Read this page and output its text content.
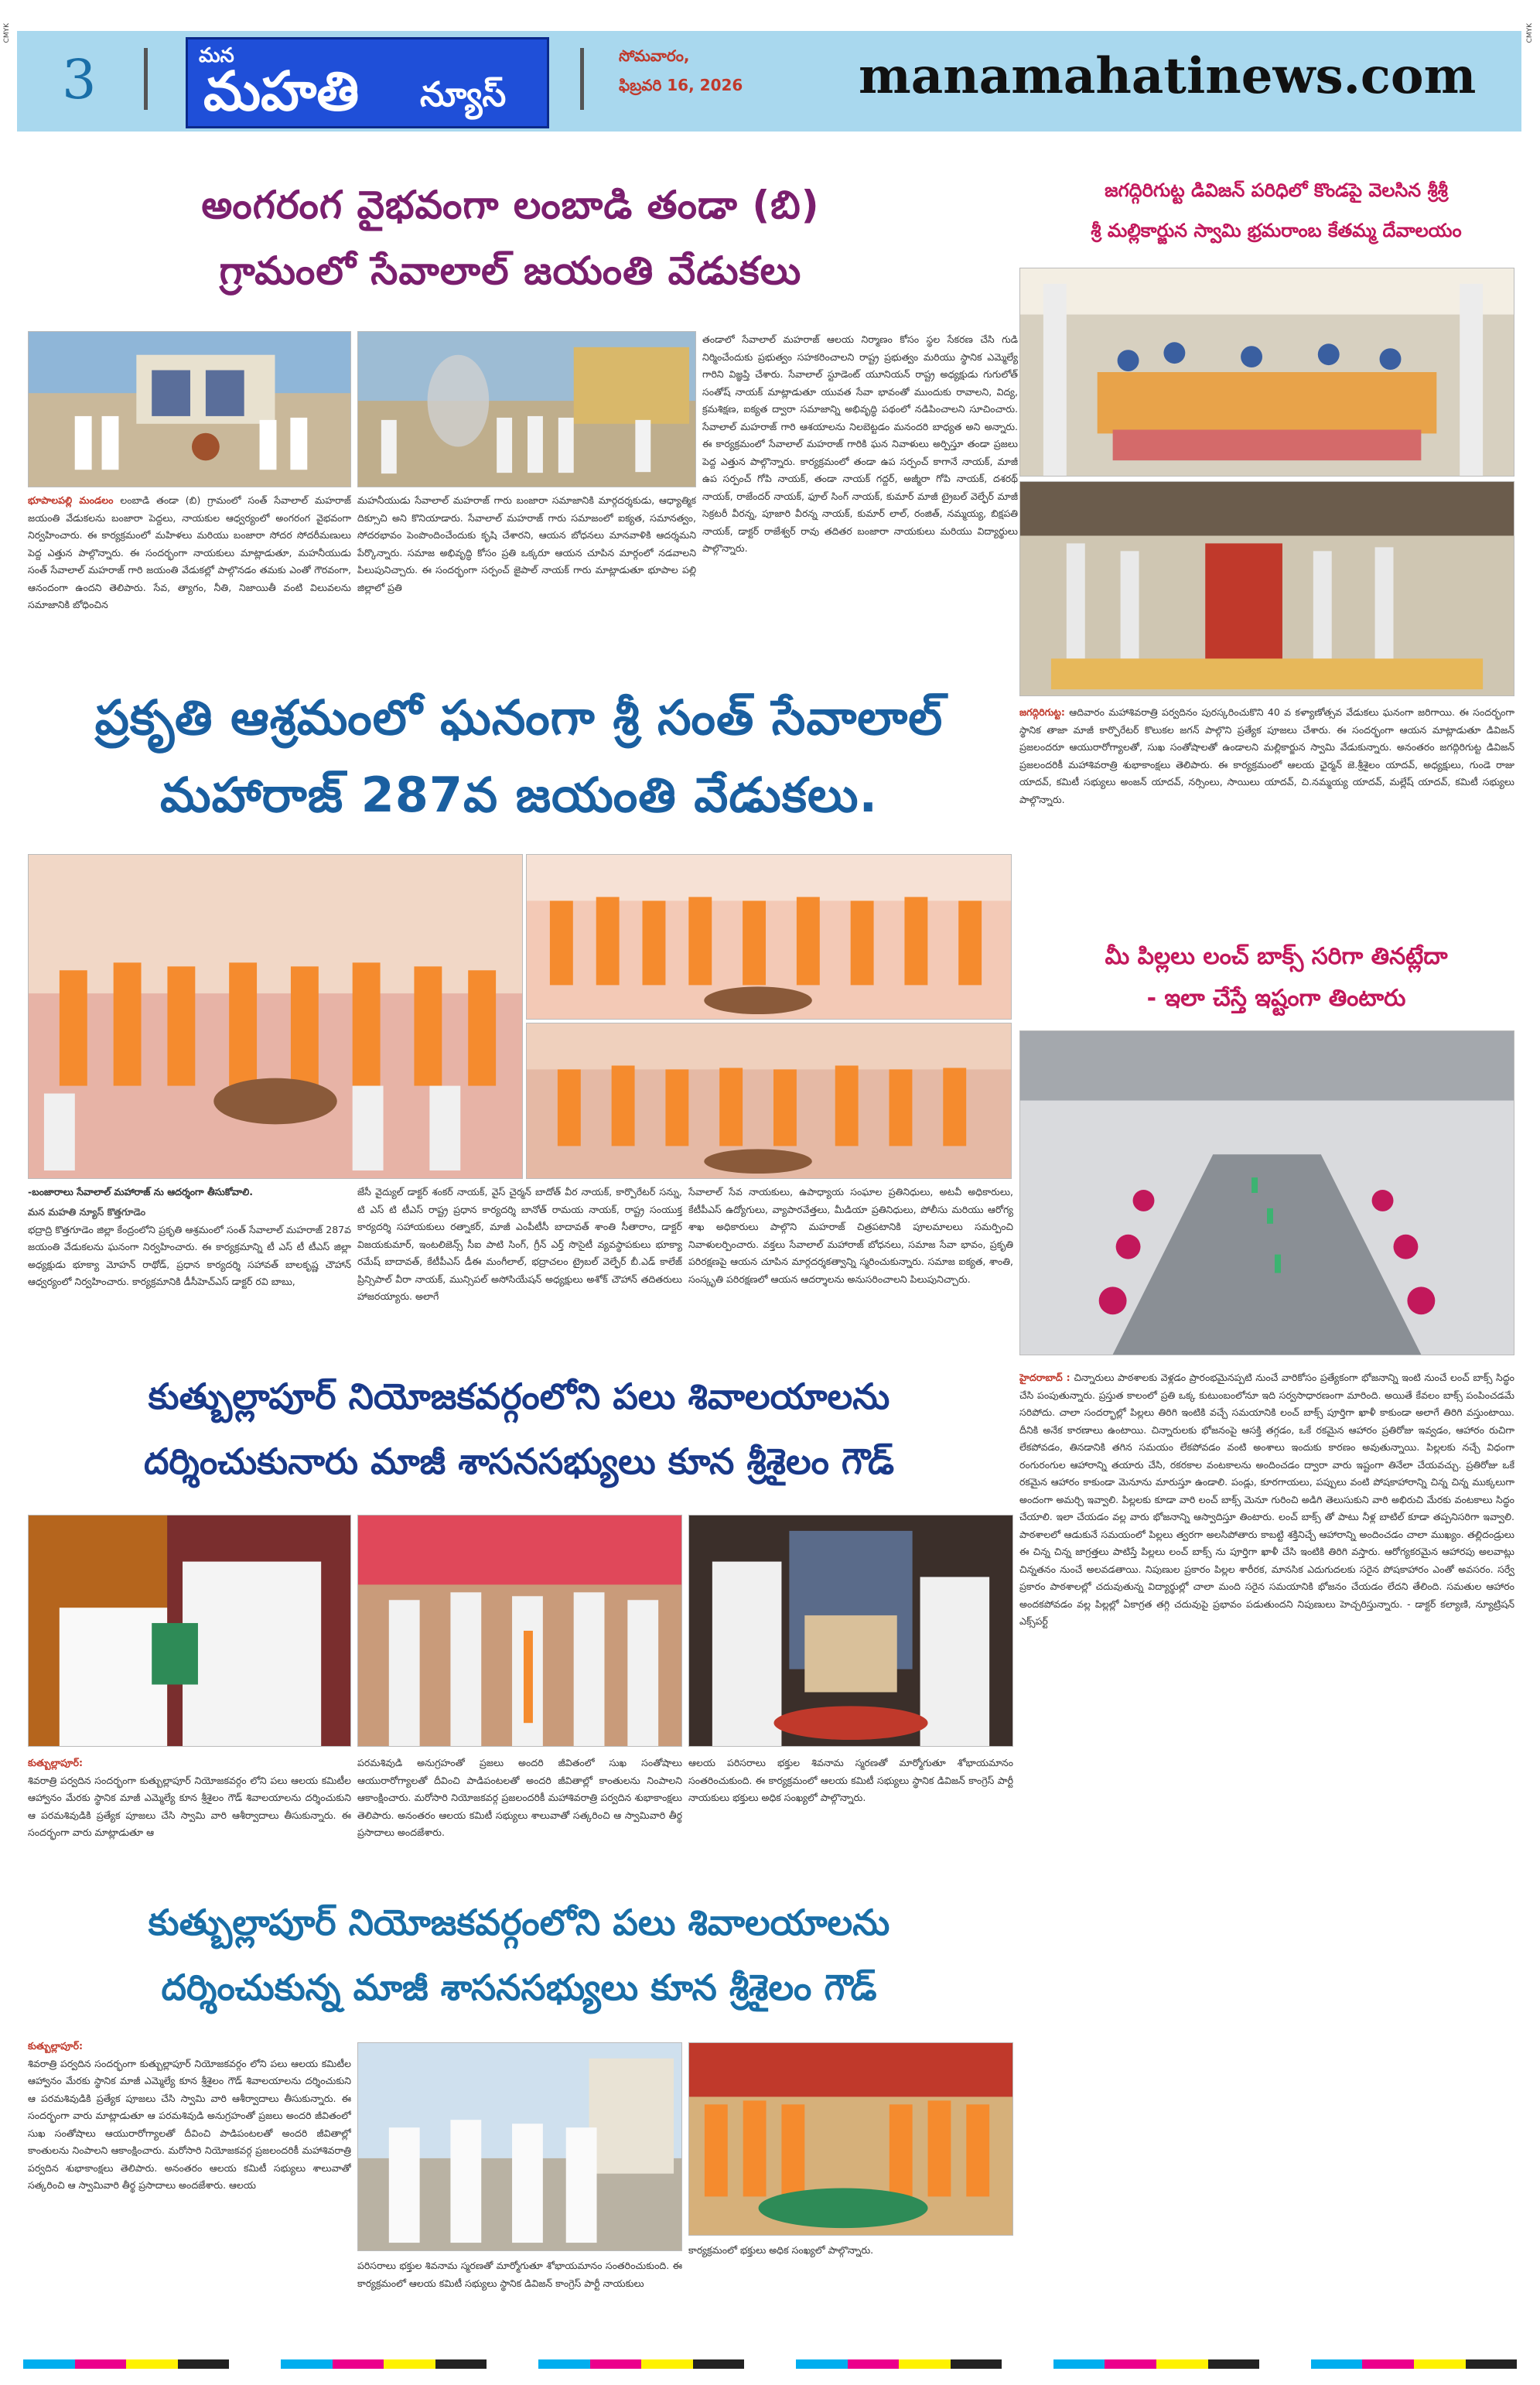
CMYK	CMYK
3	మన
మహతి న్యూస్
సోమవారం,
ఫిబ్రవరి 16, 2026 manamahatinews.com
అంగరంగ వైభవంగా లంబాడి తండా (బి)
గ్రామంలో సేవాలాల్ జయంతి వేడుకలు
భూపాలపల్లి మండలం లంబాడి తండా (బి) గ్రామంలో సంత్ సేవాలాల్ మహరాజ్ జయంతి వేడుకలను బంజారా పెద్దలు, నాయకుల ఆధ్వర్యంలో అంగరంగ వైభవంగా నిర్వహించారు. ఈ కార్యక్రమంలో మహిళలు మరియు బంజారా సోదర సోదరీమణులు పెద్ద ఎత్తున పాల్గొన్నారు. ఈ సందర్భంగా నాయకులు మాట్లాడుతూ, మహనీయుడు సంత్ సేవాలాల్ మహరాజ్ గారి జయంతి వేడుకల్లో పాల్గొనడం తమకు ఎంతో గౌరవంగా, ఆనందంగా ఉందని తెలిపారు. సేవ, త్యాగం, నీతి, నిజాయితీ వంటి విలువలను సమాజానికి బోధించిన
మహనీయుడు సేవాలాల్ మహరాజ్ గారు బంజారా సమాజానికి మార్గదర్శకుడు, ఆధ్యాత్మిక దిక్సూచి అని కొనియాడారు. సేవాలాల్ మహరాజ్ గారు సమాజంలో ఐక్యత, సమానత్వం, సోదరభావం పెంపొందించేందుకు కృషి చేశారని, ఆయన బోధనలు మానవాళికి ఆదర్శమని పేర్కొన్నారు. సమాజ అభివృద్ధి కోసం ప్రతి ఒక్కరూ ఆయన చూపిన మార్గంలో నడవాలని పిలుపునిచ్చారు. ఈ సందర్భంగా సర్పంచ్ జైపాల్ నాయక్ గారు మాట్లాడుతూ భూపాల పల్లి జిల్లాలో ప్రతి
తండాలో సేవాలాల్ మహరాజ్ ఆలయ నిర్మాణం కోసం స్థల సేకరణ చేసి గుడి నిర్మించేందుకు ప్రభుత్వం సహకరించాలని రాష్ట్ర ప్రభుత్వం మరియు స్థానిక ఎమ్మెల్యే గారిని విజ్ఞప్తి చేశారు. సేవాలాల్ స్టూడెంట్ యూనియన్ రాష్ట్ర అధ్యక్షుడు గుగులోత్ సంతోష్ నాయక్ మాట్లాడుతూ యువత సేవా భావంతో ముందుకు రావాలని, విద్య, క్రమశిక్షణ, ఐక్యత ద్వారా సమాజాన్ని అభివృద్ధి పథంలో నడిపించాలని సూచించారు. సేవాలాల్ మహరాజ్ గారి ఆశయాలను నిలబెట్టడం మనందరి బాధ్యత అని అన్నారు. ఈ కార్యక్రమంలో సేవాలాల్ మహరాజ్ గారికి ఘన నివాళులు అర్పిస్తూ తండా ప్రజలు పెద్ద ఎత్తున పాల్గొన్నారు. కార్యక్రమంలో తండా ఉప సర్పంచ్ కాగానే నాయక్, మాజీ ఉప సర్పంచ్ గోపి నాయక్, తండా నాయక్ గద్దర్, అజ్మీరా గోపి నాయక్, దశరథ్ నాయక్, రాజేందర్ నాయక్, ఫూల్ సింగ్ నాయక్, కుమార్ మాజీ ట్రైబల్ వెల్ఫేర్ మాజీ సెక్రటరీ వీరన్న, పూజారి వీరన్న నాయక్, కుమార్ లాల్, రంజిత్, నమ్మయ్య, బిక్షపతి నాయక్, డాక్టర్ రాజేశ్వర్ రావు తదితర బంజారా నాయకులు మరియు విద్యార్థులు పాల్గొన్నారు.
జగద్గిరిగుట్ట డివిజన్ పరిధిలో కొండపై వెలసిన శ్రీశ్రీ
శ్రీ మల్లికార్జున స్వామి భ్రమరాంబ కేతమ్మ దేవాలయం
జగద్గిరిగుట్ట: ఆదివారం మహాశివరాత్రి పర్వదినం పురస్కరించుకొని 40 వ కళ్యాణోత్సవ వేడుకలు ఘనంగా జరిగాయి. ఈ సందర్భంగా స్థానిక తాజా మాజీ కార్పొరేటర్ కొలుకల జగన్ పాల్గొని ప్రత్యేక పూజలు చేశారు. ఈ సందర్భంగా ఆయన మాట్లాడుతూ డివిజన్ ప్రజలందరూ ఆయురారోగ్యాలతో, సుఖ సంతోషాలతో ఉండాలని మల్లికార్జున స్వామి వేడుకున్నారు. అనంతరం జగద్గిరిగుట్ట డివిజన్ ప్రజలందరికీ మహాశివరాత్రి శుభాకాంక్షలు తెలిపారు. ఈ కార్యక్రమంలో ఆలయ ఛైర్మన్ జె.శ్రీశైలం యాదవ్, అధ్యక్షులు, గుండె రాజు యాదవ్, కమిటీ సభ్యులు అంజన్ యాదవ్, నర్సింలు, సాయిలు యాదవ్, చి.నమ్మయ్య యాదవ్, మల్లేష్ యాదవ్, కమిటీ సభ్యులు పాల్గొన్నారు.
ప్రకృతి ఆశ్రమంలో ఘనంగా శ్రీ సంత్ సేవాలాల్
మహారాజ్ 287వ జయంతి వేడుకలు.
-బంజారాలు సేవాలాల్ మహారాజ్ ను ఆదర్శంగా తీసుకోవాలి.
మన మహతి న్యూస్ కొత్తగూడెం
భద్రాద్రి కొత్తగూడెం జిల్లా కేంద్రంలోని ప్రకృతి ఆశ్రమంలో సంత్ సేవాలాల్ మహరాజ్ 287వ జయంతి వేడుకలను ఘనంగా నిర్వహించారు. ఈ కార్యక్రమాన్ని టీ ఎస్ టీ టీఎస్ జిల్లా అధ్యక్షుడు భూక్యా మోహన్ రాథోడ్, ప్రధాన కార్యదర్శి సహావత్ బాలకృష్ణ చౌహాన్ ఆధ్వర్యంలో నిర్వహించారు. కార్యక్రమానికి డీసీహెచ్ఎస్ డాక్టర్ రవి బాబు,
జేసీ వైద్యుల్ డాక్టర్ శంకర్ నాయక్, వైస్ చైర్మన్ బాదోత్ వీర నాయక్, కార్పొరేటర్ సన్ను, టి ఎస్ టి టీఎస్ రాష్ట్ర ప్రధాన కార్యదర్శి బానోత్ రామయ నాయక్, రాష్ట్ర సంయుక్త కార్యదర్శి సహాయకులు రత్నాకర్, మాజీ ఎంపీటీసీ బాదావత్ శాంతి సీతారాం, డాక్టర్ విజయకుమార్, ఇంటలిజెన్స్ సీఐ పాటి సింగ్, గ్రీన్ ఎర్త్ సొసైటీ వ్యవస్థాపకులు భూక్యా రమేష్ బాదావత్, కేటీపీఎస్ డీఈ మంగీలాల్, భద్రాచలం ట్రైబల్ వెల్ఫేర్ బీ.ఎడ్ కాలేజ్ ప్రిన్సిపాల్ వీరా నాయక్, మున్సిపల్ అసోసియేషన్ అధ్యక్షులు అశోక్ చౌహాన్ తదితరులు హాజరయ్యారు. అలాగే
సేవాలాల్ సేవ నాయకులు, ఉపాధ్యాయ సంఘాల ప్రతినిధులు, అటవీ అధికారులు, కేటీపీఎస్ ఉద్యోగులు, వ్యాపారవేత్తలు, మీడియా ప్రతినిధులు, పోలీసు మరియు ఆరోగ్య శాఖ అధికారులు పాల్గొని మహరాజ్ చిత్రపటానికి పూలమాలలు సమర్పించి నివాళులర్పించారు. వక్తలు సేవాలాల్ మహారాజ్ బోధనలు, సమాజ సేవా భావం, ప్రకృతి పరిరక్షణపై ఆయన చూపిన మార్గదర్శకత్వాన్ని స్మరించుకున్నారు. సమాజ ఐక్యత, శాంతి, సంస్కృతి పరిరక్షణలో ఆయన ఆదర్శాలను అనుసరించాలని పిలుపునిచ్చారు.
మీ పిల్లలు లంచ్ బాక్స్ సరిగా తినట్లేదా
- ఇలా చేస్తే ఇష్టంగా తింటారు
హైదరాబాద్ : చిన్నారులు పాఠశాలకు వెళ్లడం ప్రారంభమైనప్పటి నుంచే వారికోసం ప్రత్యేకంగా భోజనాన్ని ఇంటి నుంచే లంచ్ బాక్స్ సిద్ధం చేసి పంపుతున్నారు. ప్రస్తుత కాలంలో ప్రతి ఒక్క కుటుంబంలోనూ ఇది సర్వసాధారణంగా మారింది. అయితే కేవలం బాక్స్ పంపించడమే సరిపోదు. చాలా సందర్భాల్లో పిల్లలు తిరిగి ఇంటికి వచ్చే సమయానికి లంచ్ బాక్స్ పూర్తిగా ఖాళీ కాకుండా అలాగే తిరిగి వస్తుంటాయి. దీనికి అనేక కారణాలు ఉంటాయి. చిన్నారులకు భోజనంపై ఆసక్తి తగ్గడం, ఒకే రకమైన ఆహారం ప్రతిరోజు ఇవ్వడం, ఆహారం రుచిగా లేకపోవడం, తినడానికి తగిన సమయం లేకపోవడం వంటి అంశాలు ఇందుకు కారణం అవుతున్నాయి. పిల్లలకు నచ్చే విధంగా రంగురంగుల ఆహారాన్ని తయారు చేసి, రకరకాల వంటకాలను అందించడం ద్వారా వారు ఇష్టంగా తినేలా చేయవచ్చు. ప్రతిరోజు ఒకే రకమైన ఆహారం కాకుండా మెనూను మారుస్తూ ఉండాలి. పండ్లు, కూరగాయలు, పప్పులు వంటి పోషకాహారాన్ని చిన్న చిన్న ముక్కలుగా అందంగా అమర్చి ఇవ్వాలి. పిల్లలకు కూడా వారి లంచ్ బాక్స్ మెనూ గురించి అడిగి తెలుసుకుని వారి అభిరుచి మేరకు వంటకాలు సిద్ధం చేయాలి. ఇలా చేయడం వల్ల వారు భోజనాన్ని ఆస్వాదిస్తూ తింటారు. లంచ్ బాక్స్ తో పాటు నీళ్ల బాటిల్ కూడా తప్పనిసరిగా ఇవ్వాలి. పాఠశాలలో ఆడుకునే సమయంలో పిల్లలు త్వరగా అలసిపోతారు కాబట్టి శక్తినిచ్చే ఆహారాన్ని అందించడం చాలా ముఖ్యం. తల్లిదండ్రులు ఈ చిన్న చిన్న జాగ్రత్తలు పాటిస్తే పిల్లలు లంచ్ బాక్స్ ను పూర్తిగా ఖాళీ చేసి ఇంటికి తిరిగి వస్తారు. ఆరోగ్యకరమైన ఆహారపు అలవాట్లు చిన్నతనం నుంచే అలవడతాయి. నిపుణుల ప్రకారం పిల్లల శారీరక, మానసిక ఎదుగుదలకు సరైన పోషకాహారం ఎంతో అవసరం. సర్వే ప్రకారం పాఠశాలల్లో చదువుతున్న విద్యార్థుల్లో చాలా మంది సరైన సమయానికి భోజనం చేయడం లేదని తేలింది. సమతుల ఆహారం అందకపోవడం వల్ల పిల్లల్లో ఏకాగ్రత తగ్గి చదువుపై ప్రభావం పడుతుందని నిపుణులు హెచ్చరిస్తున్నారు. - డాక్టర్ కల్యాణి, న్యూట్రిషన్ ఎక్స్‌పర్ట్
కుత్బుల్లాపూర్ నియోజకవర్గంలోని పలు శివాలయాలను
దర్శించుకునారు మాజీ శాసనసభ్యులు కూన శ్రీశైలం గౌడ్
కుత్బుల్లాపూర్:
శివరాత్రి పర్వదిన సందర్భంగా కుత్బుల్లాపూర్ నియోజకవర్గం లోని పలు ఆలయ కమిటీల ఆహ్వానం మేరకు స్థానిక మాజీ ఎమ్మెల్యే కూన శ్రీశైలం గౌడ్ శివాలయాలను దర్శించుకుని ఆ పరమశివుడికి ప్రత్యేక పూజలు చేసి స్వామి వారి ఆశీర్వాదాలు తీసుకున్నారు. ఈ సందర్భంగా వారు మాట్లాడుతూ ఆ
పరమశివుడి అనుగ్రహంతో ప్రజలు అందరి జీవితంలో సుఖ సంతోషాలు ఆయురారోగ్యాలతో దీవించి పాడిపంటలతో అందరి జీవితాల్లో కాంతులను నింపాలని ఆకాంక్షించారు. మరోసారి నియోజకవర్గ ప్రజలందరికీ మహాశివరాత్రి పర్వదిన శుభాకాంక్షలు తెలిపారు. అనంతరం ఆలయ కమిటీ సభ్యులు శాలువాతో సత్కరించి ఆ స్వామివారి తీర్థ ప్రసాదాలు అందజేశారు.
ఆలయ పరిసరాలు భక్తుల శివనామ స్మరణతో మార్మోగుతూ శోభాయమానం సంతరించుకుంది. ఈ కార్యక్రమంలో ఆలయ కమిటీ సభ్యులు స్థానిక డివిజన్ కాంగ్రెస్ పార్టీ నాయకులు భక్తులు అధిక సంఖ్యలో పాల్గొన్నారు.
కుత్బుల్లాపూర్ నియోజకవర్గంలోని పలు శివాలయాలను
దర్శించుకున్న మాజీ శాసనసభ్యులు కూన శ్రీశైలం గౌడ్
కుత్బుల్లాపూర్:
శివరాత్రి పర్వదిన సందర్భంగా కుత్బుల్లాపూర్ నియోజకవర్గం లోని పలు ఆలయ కమిటీల ఆహ్వానం మేరకు స్థానిక మాజీ ఎమ్మెల్యే కూన శ్రీశైలం గౌడ్ శివాలయాలను దర్శించుకుని ఆ పరమశివుడికి ప్రత్యేక పూజలు చేసి స్వామి వారి ఆశీర్వాదాలు తీసుకున్నారు. ఈ సందర్భంగా వారు మాట్లాడుతూ ఆ పరమశివుడి అనుగ్రహంతో ప్రజలు అందరి జీవితంలో సుఖ సంతోషాలు ఆయురారోగ్యాలతో దీవించి పాడిపంటలతో అందరి జీవితాల్లో కాంతులను నింపాలని ఆకాంక్షించారు. మరోసారి నియోజకవర్గ ప్రజలందరికీ మహాశివరాత్రి పర్వదిన శుభాకాంక్షలు తెలిపారు. అనంతరం ఆలయ కమిటీ సభ్యులు శాలువాతో సత్కరించి ఆ స్వామివారి తీర్థ ప్రసాదాలు అందజేశారు. ఆలయ
పరిసరాలు భక్తుల శివనామ స్మరణతో మార్మోగుతూ శోభాయమానం సంతరించుకుంది. ఈ కార్యక్రమంలో ఆలయ కమిటీ సభ్యులు స్థానిక డివిజన్ కాంగ్రెస్ పార్టీ నాయకులు
కార్యక్రమంలో భక్తులు అధిక సంఖ్యలో పాల్గొన్నారు.
